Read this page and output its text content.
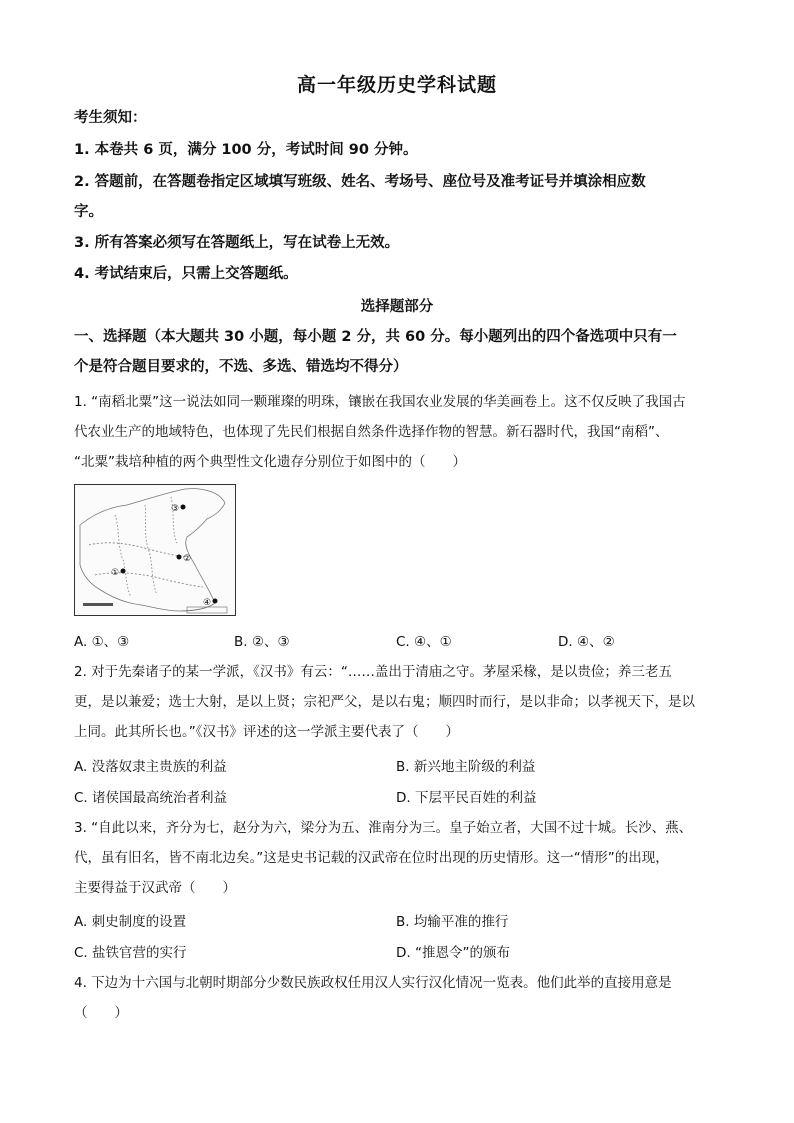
高一年级历史学科试题
考生须知：
1. 本卷共 6 页，满分 100 分，考试时间 90 分钟。
2. 答题前，在答题卷指定区域填写班级、姓名、考场号、座位号及准考证号并填涂相应数
字。
3. 所有答案必须写在答题纸上，写在试卷上无效。
4. 考试结束后，只需上交答题纸。
选择题部分
一、选择题（本大题共 30 小题，每小题 2 分，共 60 分。每小题列出的四个备选项中只有一
个是符合题目要求的，不选、多选、错选均不得分）
1. “南稻北粟”这一说法如同一颗璀璨的明珠，镶嵌在我国农业发展的华美画卷上。这不仅反映了我国古
代农业生产的地域特色，也体现了先民们根据自然条件选择作物的智慧。新石器时代，我国“南稻”、
“北粟”栽培种植的两个典型性文化遗存分别位于如图中的（　　）
③
②
①
④
A. ①、③	B. ②、③	C. ④、①	D. ④、②
2. 对于先秦诸子的某一学派，《汉书》有云：“……盖出于清庙之守。茅屋采椽，是以贵俭；养三老五
更，是以兼爱；选士大射，是以上贤；宗祀严父，是以右鬼；顺四时而行，是以非命；以孝视天下，是以
上同。此其所长也。”《汉书》评述的这一学派主要代表了（　　）
A. 没落奴隶主贵族的利益	B. 新兴地主阶级的利益
C. 诸侯国最高统治者利益	D. 下层平民百姓的利益
3. “自此以来，齐分为七，赵分为六，梁分为五、淮南分为三。皇子始立者，大国不过十城。长沙、燕、
代，虽有旧名，皆不南北边矣。”这是史书记载的汉武帝在位时出现的历史情形。这一“情形”的出现，
主要得益于汉武帝（　　）
A. 刺史制度的设置	B. 均输平准的推行
C. 盐铁官营的实行	D. “推恩令”的颁布
4. 下边为十六国与北朝时期部分少数民族政权任用汉人实行汉化情况一览表。他们此举的直接用意是
（　　）
